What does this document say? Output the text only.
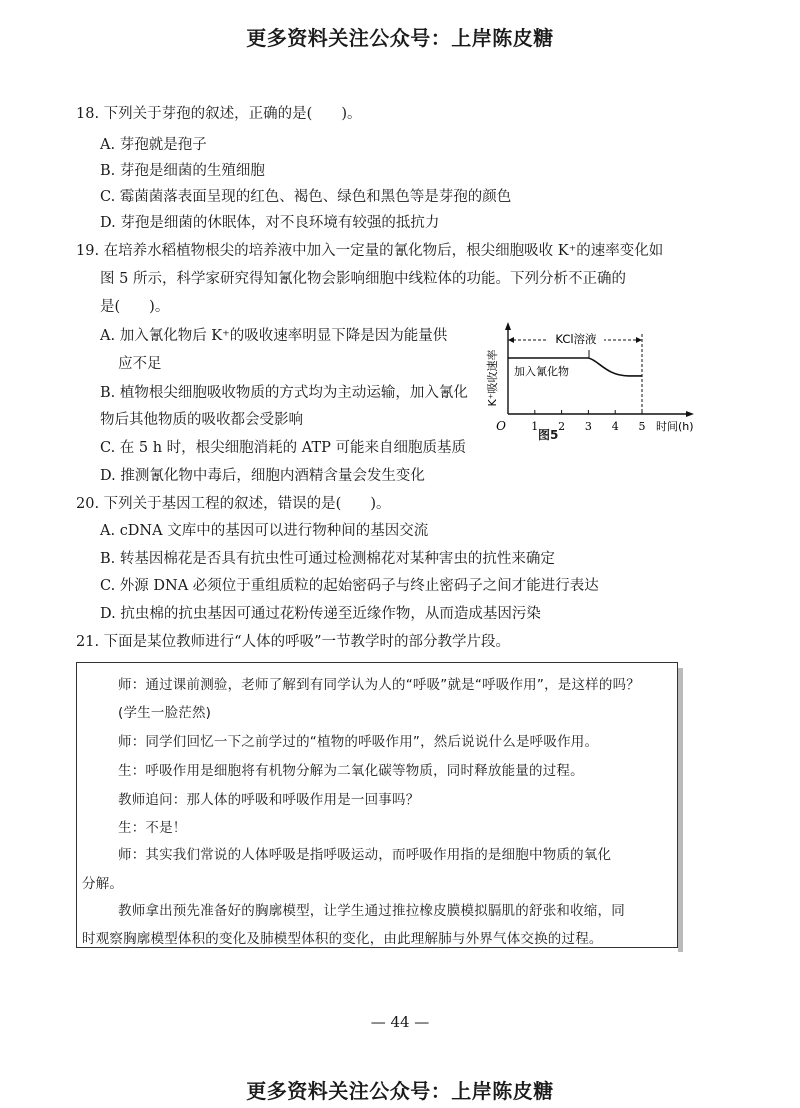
更多资料关注公众号：上岸陈皮糖
18. 下列关于芽孢的叙述，正确的是(　　)。
A. 芽孢就是孢子
B. 芽孢是细菌的生殖细胞
C. 霉菌菌落表面呈现的红色、褐色、绿色和黑色等是芽孢的颜色
D. 芽孢是细菌的休眠体，对不良环境有较强的抵抗力
19. 在培养水稻植物根尖的培养液中加入一定量的氰化物后，根尖细胞吸收 K⁺的速率变化如
图 5 所示，科学家研究得知氰化物会影响细胞中线粒体的功能。下列分析不正确的
是(　　)。
A. 加入氰化物后 K⁺的吸收速率明显下降是因为能量供
应不足
B. 植物根尖细胞吸收物质的方式均为主动运输，加入氰化
物后其他物质的吸收都会受影响
C. 在 5 h 时，根尖细胞消耗的 ATP 可能来自细胞质基质
D. 推测氰化物中毒后，细胞内酒精含量会发生变化
K⁺吸收速率
O 1 2 3 4 5 时间(h)
KCl溶液
加入氰化物
图5
20. 下列关于基因工程的叙述，错误的是(　　)。
A. cDNA 文库中的基因可以进行物种间的基因交流
B. 转基因棉花是否具有抗虫性可通过检测棉花对某种害虫的抗性来确定
C. 外源 DNA 必须位于重组质粒的起始密码子与终止密码子之间才能进行表达
D. 抗虫棉的抗虫基因可通过花粉传递至近缘作物，从而造成基因污染
21. 下面是某位教师进行“人体的呼吸”一节教学时的部分教学片段。
师：通过课前测验，老师了解到有同学认为人的“呼吸”就是“呼吸作用”，是这样的吗？
(学生一脸茫然)
师：同学们回忆一下之前学过的“植物的呼吸作用”，然后说说什么是呼吸作用。
生：呼吸作用是细胞将有机物分解为二氧化碳等物质，同时释放能量的过程。
教师追问：那人体的呼吸和呼吸作用是一回事吗？
生：不是！
师：其实我们常说的人体呼吸是指呼吸运动，而呼吸作用指的是细胞中物质的氧化
分解。
教师拿出预先准备好的胸廓模型，让学生通过推拉橡皮膜模拟膈肌的舒张和收缩，同
时观察胸廓模型体积的变化及肺模型体积的变化，由此理解肺与外界气体交换的过程。
— 44 —
更多资料关注公众号：上岸陈皮糖
